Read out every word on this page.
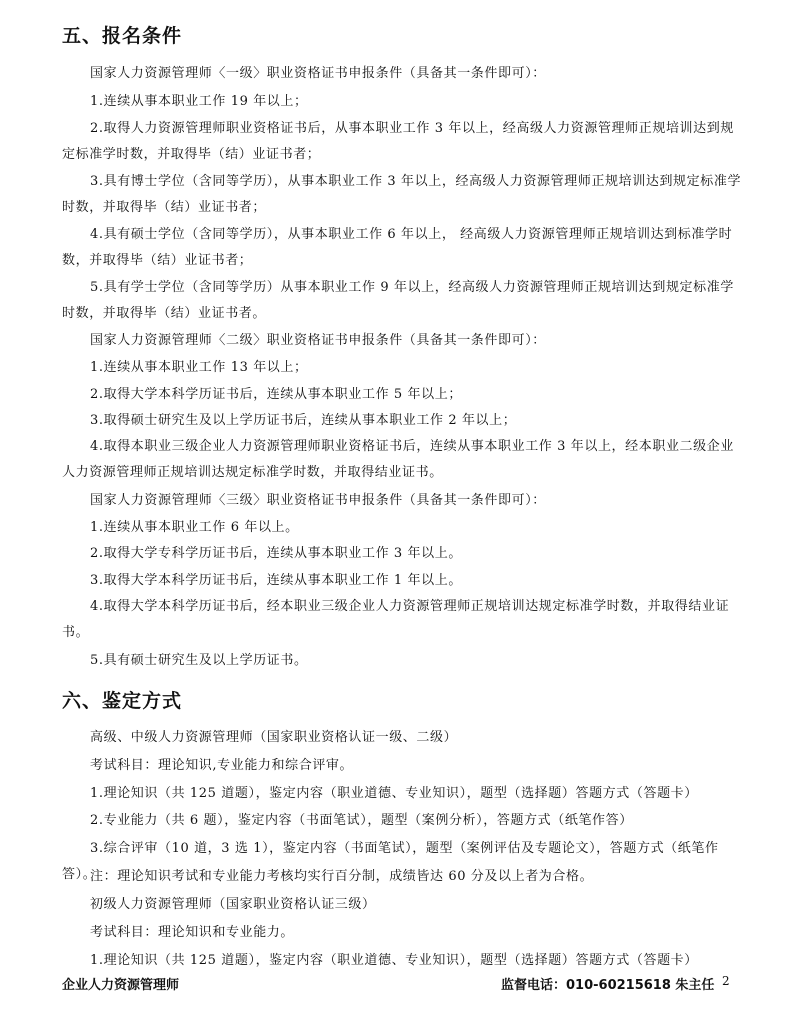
五、报名条件
国家人力资源管理师〈一级〉职业资格证书申报条件（具备其一条件即可）：
1.连续从事本职业工作 19 年以上；
2.取得人力资源管理师职业资格证书后，从事本职业工作 3 年以上，经高级人力资源管理师正规培训达到规定标准学时数，并取得毕（结）业证书者；
3.具有博士学位（含同等学历），从事本职业工作 3 年以上，经高级人力资源管理师正规培训达到规定标准学时数，并取得毕（结）业证书者；
4.具有硕士学位（含同等学历），从事本职业工作 6 年以上， 经高级人力资源管理师正规培训达到标准学时数，并取得毕（结）业证书者；
5.具有学士学位（含同等学历）从事本职业工作 9 年以上，经高级人力资源管理师正规培训达到规定标准学时数，并取得毕（结）业证书者。
国家人力资源管理师〈二级〉职业资格证书申报条件（具备其一条件即可）：
1.连续从事本职业工作 13 年以上；
2.取得大学本科学历证书后，连续从事本职业工作 5 年以上；
3.取得硕士研究生及以上学历证书后，连续从事本职业工作 2 年以上；
4.取得本职业三级企业人力资源管理师职业资格证书后，连续从事本职业工作 3 年以上，经本职业二级企业人力资源管理师正规培训达规定标准学时数，并取得结业证书。
国家人力资源管理师〈三级〉职业资格证书申报条件（具备其一条件即可）：
1.连续从事本职业工作 6 年以上。
2.取得大学专科学历证书后，连续从事本职业工作 3 年以上。
3.取得大学本科学历证书后，连续从事本职业工作 1 年以上。
4.取得大学本科学历证书后，经本职业三级企业人力资源管理师正规培训达规定标准学时数，并取得结业证书。
5.具有硕士研究生及以上学历证书。
六、鉴定方式
高级、中级人力资源管理师（国家职业资格认证一级、二级）
考试科目：理论知识,专业能力和综合评审。
1.理论知识（共 125 道题），鉴定内容（职业道德、专业知识），题型（选择题）答题方式（答题卡）
2.专业能力（共 6 题），鉴定内容（书面笔试），题型（案例分析），答题方式（纸笔作答）
3.综合评审（10 道，3 选 1），鉴定内容（书面笔试），题型（案例评估及专题论文），答题方式（纸笔作答）。
注：理论知识考试和专业能力考核均实行百分制，成绩皆达 60 分及以上者为合格。
初级人力资源管理师（国家职业资格认证三级）
考试科目：理论知识和专业能力。
1.理论知识（共 125 道题），鉴定内容（职业道德、专业知识），题型（选择题）答题方式（答题卡）
企业人力资源管理师	监督电话：010-60215618 朱主任 2
